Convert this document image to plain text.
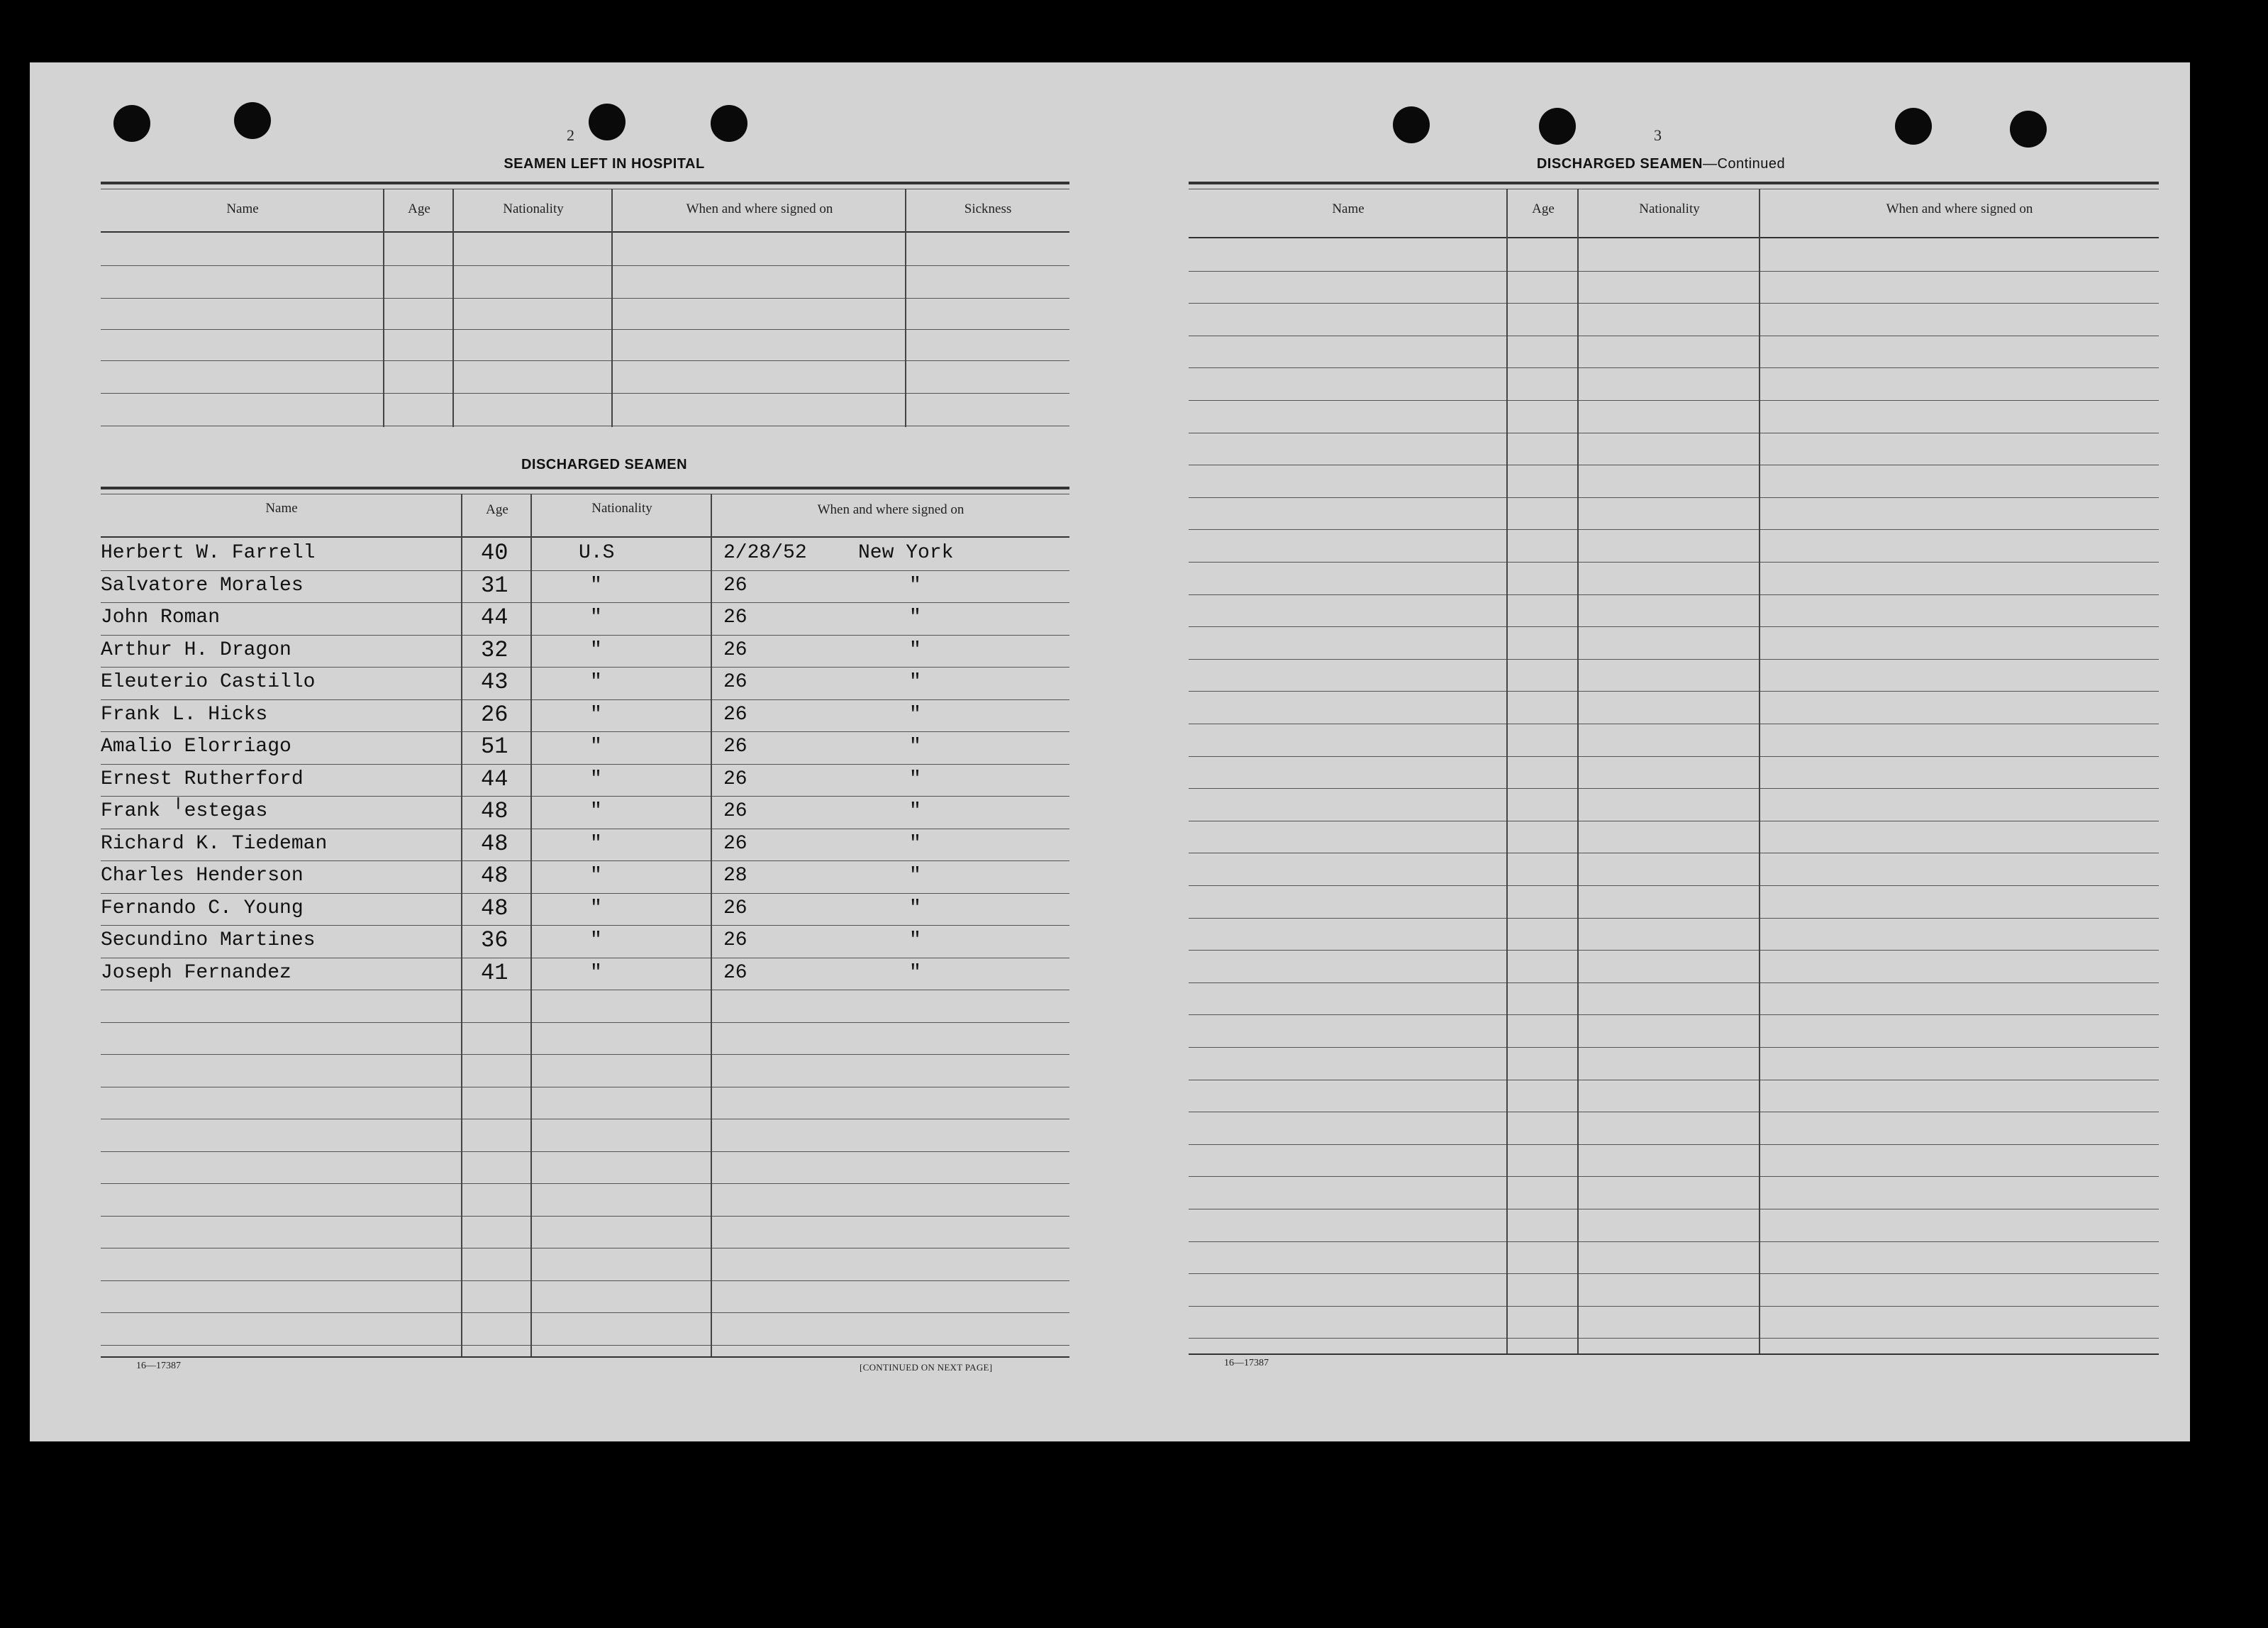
2
SEAMEN LEFT IN HOSPITAL
Name	Age	Nationality	When and where signed on	Sickness
DISCHARGED SEAMEN
Name	Age	Nationality	When and where signed on
Herbert W. Farrell	40	U.S	2/28/52	New York
Salvatore Morales	31	"	26	"
John Roman	44	"	26	"
Arthur H. Dragon	32	"	26	"
Eleuterio Castillo	43	"	26	"
Frank L. Hicks	26	"	26	"
Amalio Elorriago	51	"	26	"
Ernest Rutherford	44	"	26	"
Frank ╵estegas	48	"	26	"
Richard K. Tiedeman	48	"	26	"
Charles Henderson	48	"	28	"
Fernando C. Young	48	"	26	"
Secundino Martines	36	"	26	"
Joseph Fernandez	41	"	26	"
16—17387	[CONTINUED ON NEXT PAGE]
3
DISCHARGED SEAMEN—Continued
Name	Age	Nationality	When and where signed on
16—17387
